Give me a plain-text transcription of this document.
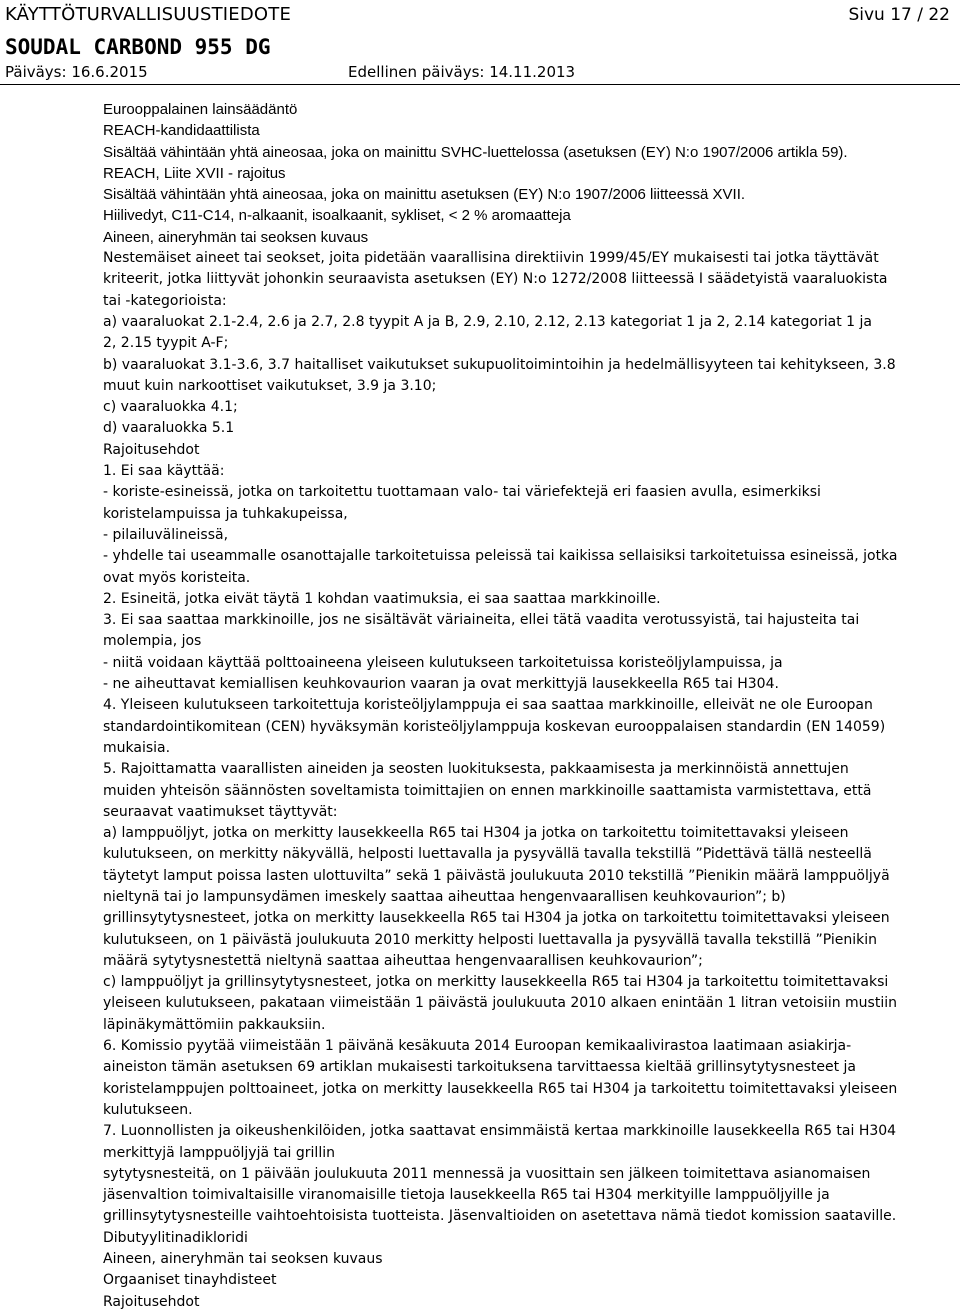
KÄYTTÖTURVALLISUUSTIEDOTE	Sivu 17 / 22
SOUDAL CARBOND 955 DG
Päiväys: 16.6.2015	Edellinen päiväys: 14.11.2013

Eurooppalainen lainsäädäntö

REACH-kandidaattilista

Sisältää vähintään yhtä aineosaa, joka on mainittu SVHC-luettelossa (asetuksen (EY) N:o 1907/2006 artikla 59).

REACH, Liite XVII - rajoitus

Sisältää vähintään yhtä aineosaa, joka on mainittu asetuksen (EY) N:o 1907/2006 liitteessä XVII.

Hiilivedyt, C11-C14, n-alkaanit, isoalkaanit, sykliset, < 2 % aromaatteja

Aineen, aineryhmän tai seoksen kuvaus

Nestemäiset aineet tai seokset, joita pidetään vaarallisina direktiivin 1999/45/EY mukaisesti tai jotka täyttävät

kriteerit, jotka liittyvät johonkin seuraavista asetuksen (EY) N:o 1272/2008 liitteessä I säädetyistä vaaraluokista

tai -kategorioista:

a) vaaraluokat 2.1-2.4, 2.6 ja 2.7, 2.8 tyypit A ja B, 2.9, 2.10, 2.12, 2.13 kategoriat 1 ja 2, 2.14 kategoriat 1 ja

2, 2.15 tyypit A-F;

b) vaaraluokat 3.1-3.6, 3.7 haitalliset vaikutukset sukupuolitoimintoihin ja hedelmällisyyteen tai kehitykseen, 3.8

muut kuin narkoottiset vaikutukset, 3.9 ja 3.10;

c) vaaraluokka 4.1;

d) vaaraluokka 5.1

Rajoitusehdot

1. Ei saa käyttää:

- koriste-esineissä, jotka on tarkoitettu tuottamaan valo- tai väriefektejä eri faasien avulla, esimerkiksi

koristelampuissa ja tuhkakupeissa,

- pilailuvälineissä,

- yhdelle tai useammalle osanottajalle tarkoitetuissa peleissä tai kaikissa sellaisiksi tarkoitetuissa esineissä, jotka

ovat myös koristeita.

2. Esineitä, jotka eivät täytä 1 kohdan vaatimuksia, ei saa saattaa markkinoille.

3. Ei saa saattaa markkinoille, jos ne sisältävät väriaineita, ellei tätä vaadita verotussyistä, tai hajusteita tai

molempia, jos

- niitä voidaan käyttää polttoaineena yleiseen kulutukseen tarkoitetuissa koristeöljylampuissa, ja

- ne aiheuttavat kemiallisen keuhkovaurion vaaran ja ovat merkittyjä lausekkeella R65 tai H304.

4. Yleiseen kulutukseen tarkoitettuja koristeöljylamppuja ei saa saattaa markkinoille, elleivät ne ole Euroopan

standardointikomitean (CEN) hyväksymän koristeöljylamppuja koskevan eurooppalaisen standardin (EN 14059)

mukaisia.

5. Rajoittamatta vaarallisten aineiden ja seosten luokituksesta, pakkaamisesta ja merkinnöistä annettujen

muiden yhteisön säännösten soveltamista toimittajien on ennen markkinoille saattamista varmistettava, että

seuraavat vaatimukset täyttyvät:

a) lamppuöljyt, jotka on merkitty lausekkeella R65 tai H304 ja jotka on tarkoitettu toimitettavaksi yleiseen

kulutukseen, on merkitty näkyvällä, helposti luettavalla ja pysyvällä tavalla tekstillä ”Pidettävä tällä nesteellä

täytetyt lamput poissa lasten ulottuvilta” sekä 1 päivästä joulukuuta 2010 tekstillä ”Pienikin määrä lamppuöljyä

nieltynä tai jo lampunsydämen imeskely saattaa aiheuttaa hengenvaarallisen keuhkovaurion”; b)

grillinsytytysnesteet, jotka on merkitty lausekkeella R65 tai H304 ja jotka on tarkoitettu toimitettavaksi yleiseen

kulutukseen, on 1 päivästä joulukuuta 2010 merkitty helposti luettavalla ja pysyvällä tavalla tekstillä ”Pienikin

määrä sytytysnestettä nieltynä saattaa aiheuttaa hengenvaarallisen keuhkovaurion”;

c) lamppuöljyt ja grillinsytytysnesteet, jotka on merkitty lausekkeella R65 tai H304 ja tarkoitettu toimitettavaksi

yleiseen kulutukseen, pakataan viimeistään 1 päivästä joulukuuta 2010 alkaen enintään 1 litran vetoisiin mustiin

läpinäkymättömiin pakkauksiin.

6. Komissio pyytää viimeistään 1 päivänä kesäkuuta 2014 Euroopan kemikaalivirastoa laatimaan asiakirja-

aineiston tämän asetuksen 69 artiklan mukaisesti tarkoituksena tarvittaessa kieltää grillinsytytysnesteet ja

koristelamppujen polttoaineet, jotka on merkitty lausekkeella R65 tai H304 ja tarkoitettu toimitettavaksi yleiseen

kulutukseen.

7. Luonnollisten ja oikeushenkilöiden, jotka saattavat ensimmäistä kertaa markkinoille lausekkeella R65 tai H304

merkittyjä lamppuöljyjä tai grillin

sytytysnesteitä, on 1 päivään joulukuuta 2011 mennessä ja vuosittain sen jälkeen toimitettava asianomaisen

jäsenvaltion toimivaltaisille viranomaisille tietoja lausekkeella R65 tai H304 merkityille lamppuöljyille ja

grillinsytytysnesteille vaihtoehtoisista tuotteista. Jäsenvaltioiden on asetettava nämä tiedot komission saataville.

Dibutyylitinadikloridi

Aineen, aineryhmän tai seoksen kuvaus

Orgaaniset tinayhdisteet

Rajoitusehdot
